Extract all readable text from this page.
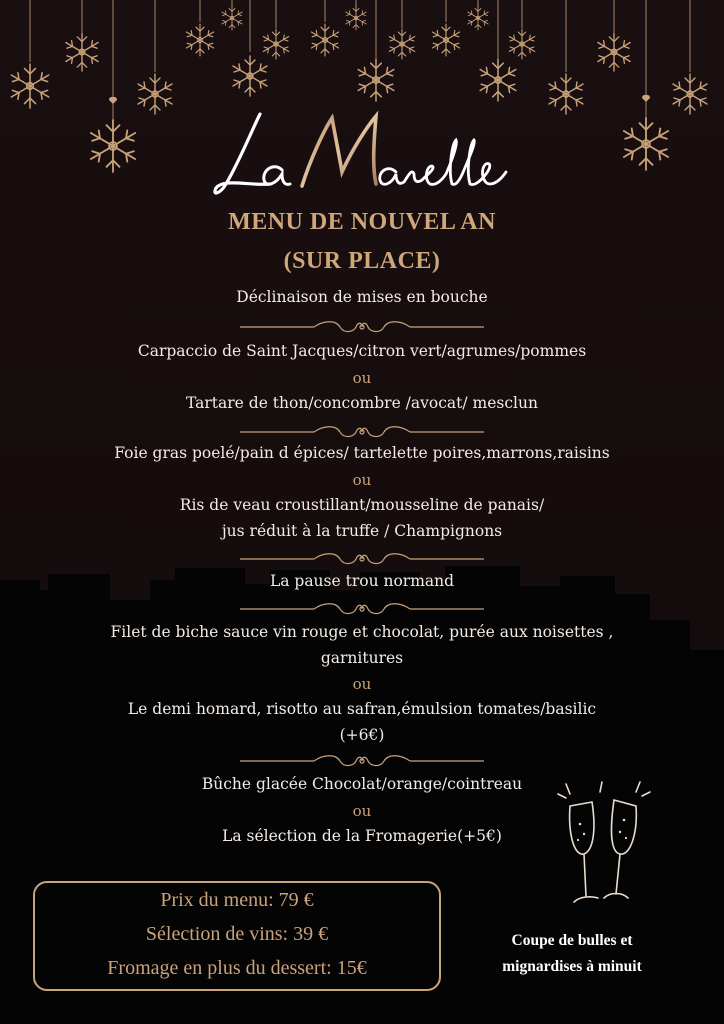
MENU DE NOUVEL AN
(SUR PLACE)
Déclinaison de mises en bouche
Carpaccio de Saint Jacques/citron vert/agrumes/pommes
ou
Tartare de thon/concombre /avocat/ mesclun
Foie gras poelé/pain d épices/ tartelette poires,marrons,raisins
ou
Ris de veau croustillant/mousseline de panais/
jus réduit à la truffe / Champignons
La pause trou normand
Filet de biche sauce vin rouge et chocolat, purée aux noisettes ,
garnitures
ou
Le demi homard, risotto au safran,émulsion tomates/basilic
(+6€)
Bûche glacée Chocolat/orange/cointreau
ou
La sélection de la Fromagerie(+5€)
Prix du menu: 79 €
Sélection de vins: 39 €
Fromage en plus du dessert: 15€
Coupe de bulles et
mignardises à minuit
